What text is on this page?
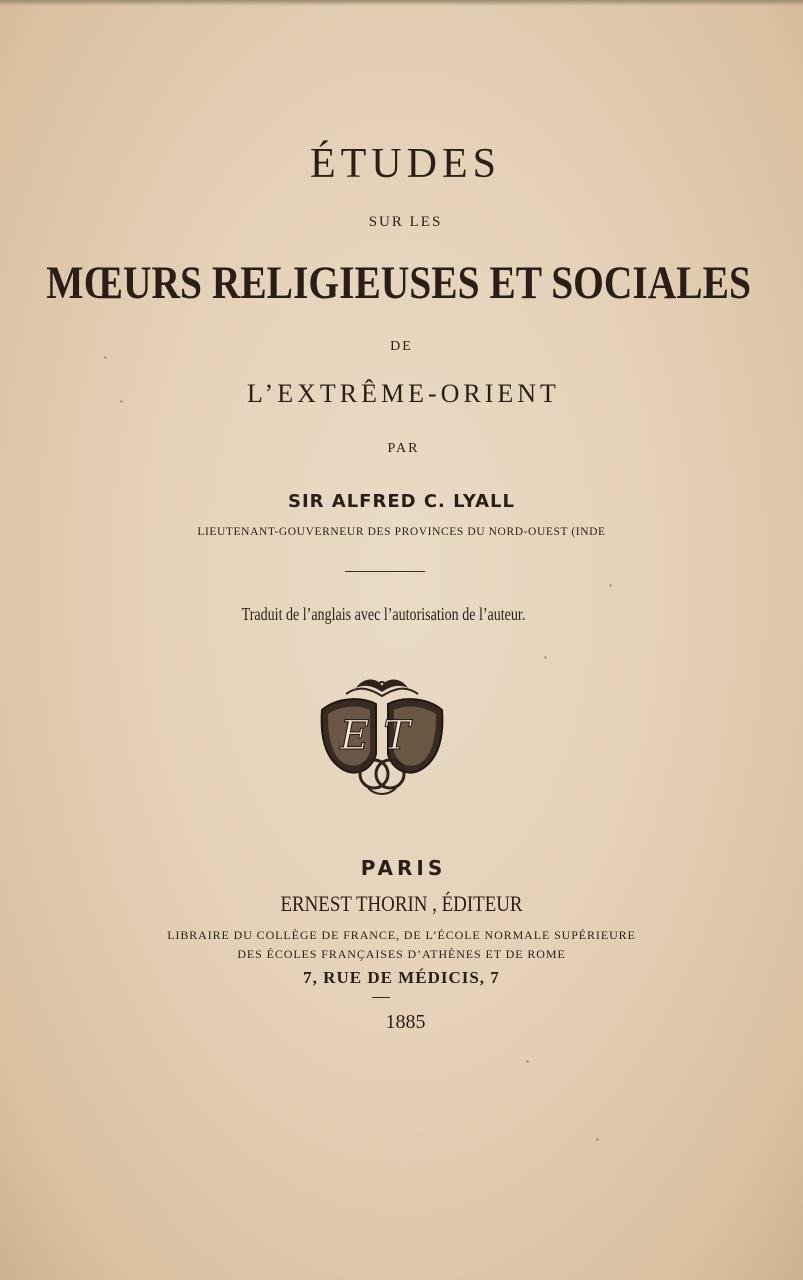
ÉTUDES
SUR LES
MŒURS RELIGIEUSES ET SOCIALES
DE
L’EXTRÊME-ORIENT
PAR
SIR ALFRED C. LYALL
LIEUTENANT-GOUVERNEUR DES PROVINCES DU NORD-OUEST (INDE
Traduit de l’anglais avec l’autorisation de l’auteur.
ET
PARIS
ERNEST THORIN , ÉDITEUR
LIBRAIRE DU COLLÈGE DE FRANCE, DE L’ÉCOLE NORMALE SUPÉRIEURE
DES ÉCOLES FRANÇAISES D’ATHÈNES ET DE ROME
7, RUE DE MÉDICIS, 7
1885
